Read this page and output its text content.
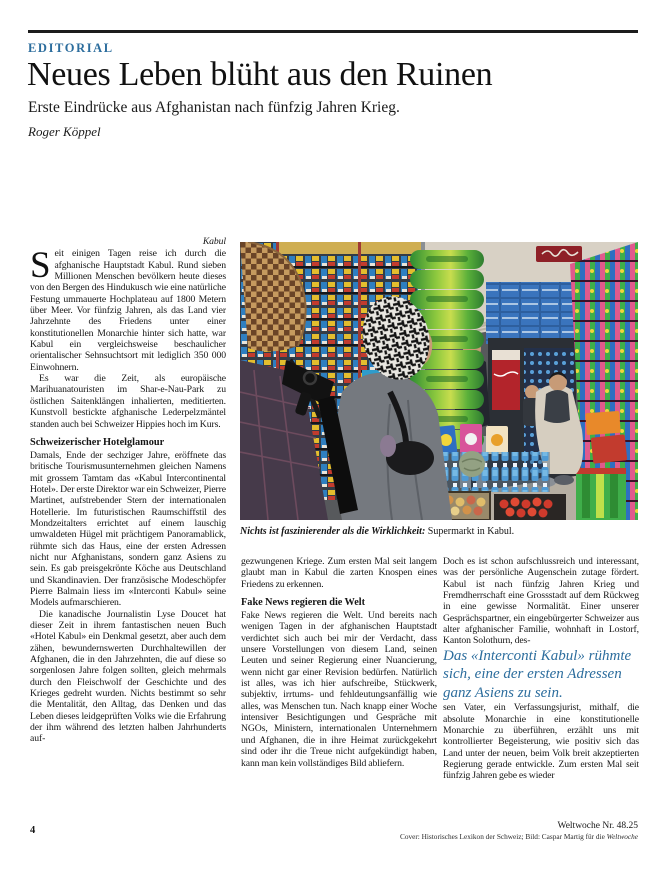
EDITORIAL
Neues Leben blüht aus den Ruinen
Erste Eindrücke aus Afghanistan nach fünfzig Jahren Krieg.
Roger Köppel
Kabul

Seit einigen Tagen reise ich durch die afghanische Hauptstadt Kabul. Rund sieben Millionen Menschen bevölkern heute dieses von den Bergen des Hindukusch wie eine natürliche Festung ummauerte Hochplateau auf 1800 Metern über Meer. Vor fünfzig Jahren, als das Land vier Jahrzehnte des Friedens unter einer konstitutionellen Monarchie hinter sich hatte, war Kabul ein vergleichsweise beschaulicher orientalischer Sehnsuchtsort mit lediglich 350 000 Einwohnern.

Es war die Zeit, als europäische Marihuanatouristen im Shar-e-Nau-Park zu östlichen Saitenklängen inhalierten, meditierten. Kunstvoll bestickte afghanische Lederpelzmäntel standen auch bei Schweizer Hippies hoch im Kurs.

Schweizerischer Hotelglamour

Damals, Ende der sechziger Jahre, eröffnete das britische Tourismusunternehmen gleichen Namens mit grossem Tamtam das «Kabul Intercontinental Hotel». Der erste Direktor war ein Schweizer, Pierre Martinet, aufstrebender Stern der internationalen Hotellerie. Im futuristischen Raumschiffstil des Mondzeitalters errichtet auf einem lauschig umwaldeten Hügel mit prächtigem Panoramablick, rühmte sich das Haus, eine der ersten Adressen nicht nur Afghanistans, sondern ganz Asiens zu sein. Es gab preisgekrönte Köche aus Deutschland und Skandinavien. Der französische Modeschöpfer Pierre Balmain liess im «Interconti Kabul» seine Models aufmarschieren.

Die kanadische Journalistin Lyse Doucet hat dieser Zeit in ihrem fantastischen neuen Buch «Hotel Kabul» ein Denkmal gesetzt, aber auch dem zähen, bewundernswerten Durchhaltewillen der Afghanen, die in den Jahrzehnten, die auf diese so sorgenlosen Jahre folgen sollten, gleich mehrmals durch den Fleischwolf der Geschichte und des Krieges gedreht wurden. Nichts bestimmt so sehr die Mentalität, den Alltag, das Denken und das Leben dieses leidgeprüften Volks wie die Erfahrung der ihm während des letzten halben Jahrhunderts auf-

Nichts ist faszinierender als die Wirklichkeit: Supermarkt in Kabul.

gezwungenen Kriege. Zum ersten Mal seit langem glaubt man in Kabul die zarten Knospen eines Friedens zu erkennen.

Fake News regieren die Welt

Fake News regieren die Welt. Und bereits nach wenigen Tagen in der afghanischen Hauptstadt verdichtet sich auch bei mir der Verdacht, dass unsere Vorstellungen von diesem Land, seinen Leuten und seiner Regierung einer Nuancierung, wenn nicht gar einer Revision bedürfen. Natürlich ist alles, was ich hier aufschreibe, Stückwerk, subjektiv, irrtums- und fehldeutungsanfällig wie alles, was Menschen tun. Nach knapp einer Woche intensiver Besichtigungen und Gespräche mit NGOs, Ministern, internationalen Unternehmern und Afghanen, die in ihre Heimat zurückgekehrt sind oder ihr die Treue nicht aufgekündigt haben, kann man kein vollständiges Bild abliefern.

Doch es ist schon aufschlussreich und interessant, was der persönliche Augenschein zutage fördert. Kabul ist nach fünfzig Jahren Krieg und Fremdherrschaft eine Grossstadt auf dem Rückweg in eine gewisse Normalität. Einer unserer Gesprächspartner, ein eingebürgerter Schweizer aus alter afghanischer Familie, wohnhaft in Lostorf, Kanton Solothurn, des-

Das «Interconti Kabul» rühmte sich, eine der ersten Adressen ganz Asiens zu sein.

sen Vater, ein Verfassungsjurist, mithalf, die absolute Monarchie in eine konstitutionelle Monarchie zu überführen, erzählt uns mit kontrollierter Begeisterung, wie positiv sich das Land unter der neuen, beim Volk breit akzeptierten Regierung gerade entwickle. Zum ersten Mal seit fünfzig Jahren gebe es wieder

4	Weltwoche Nr. 48.25
Cover: Historisches Lexikon der Schweiz; Bild: Caspar Martig für die Weltwoche
